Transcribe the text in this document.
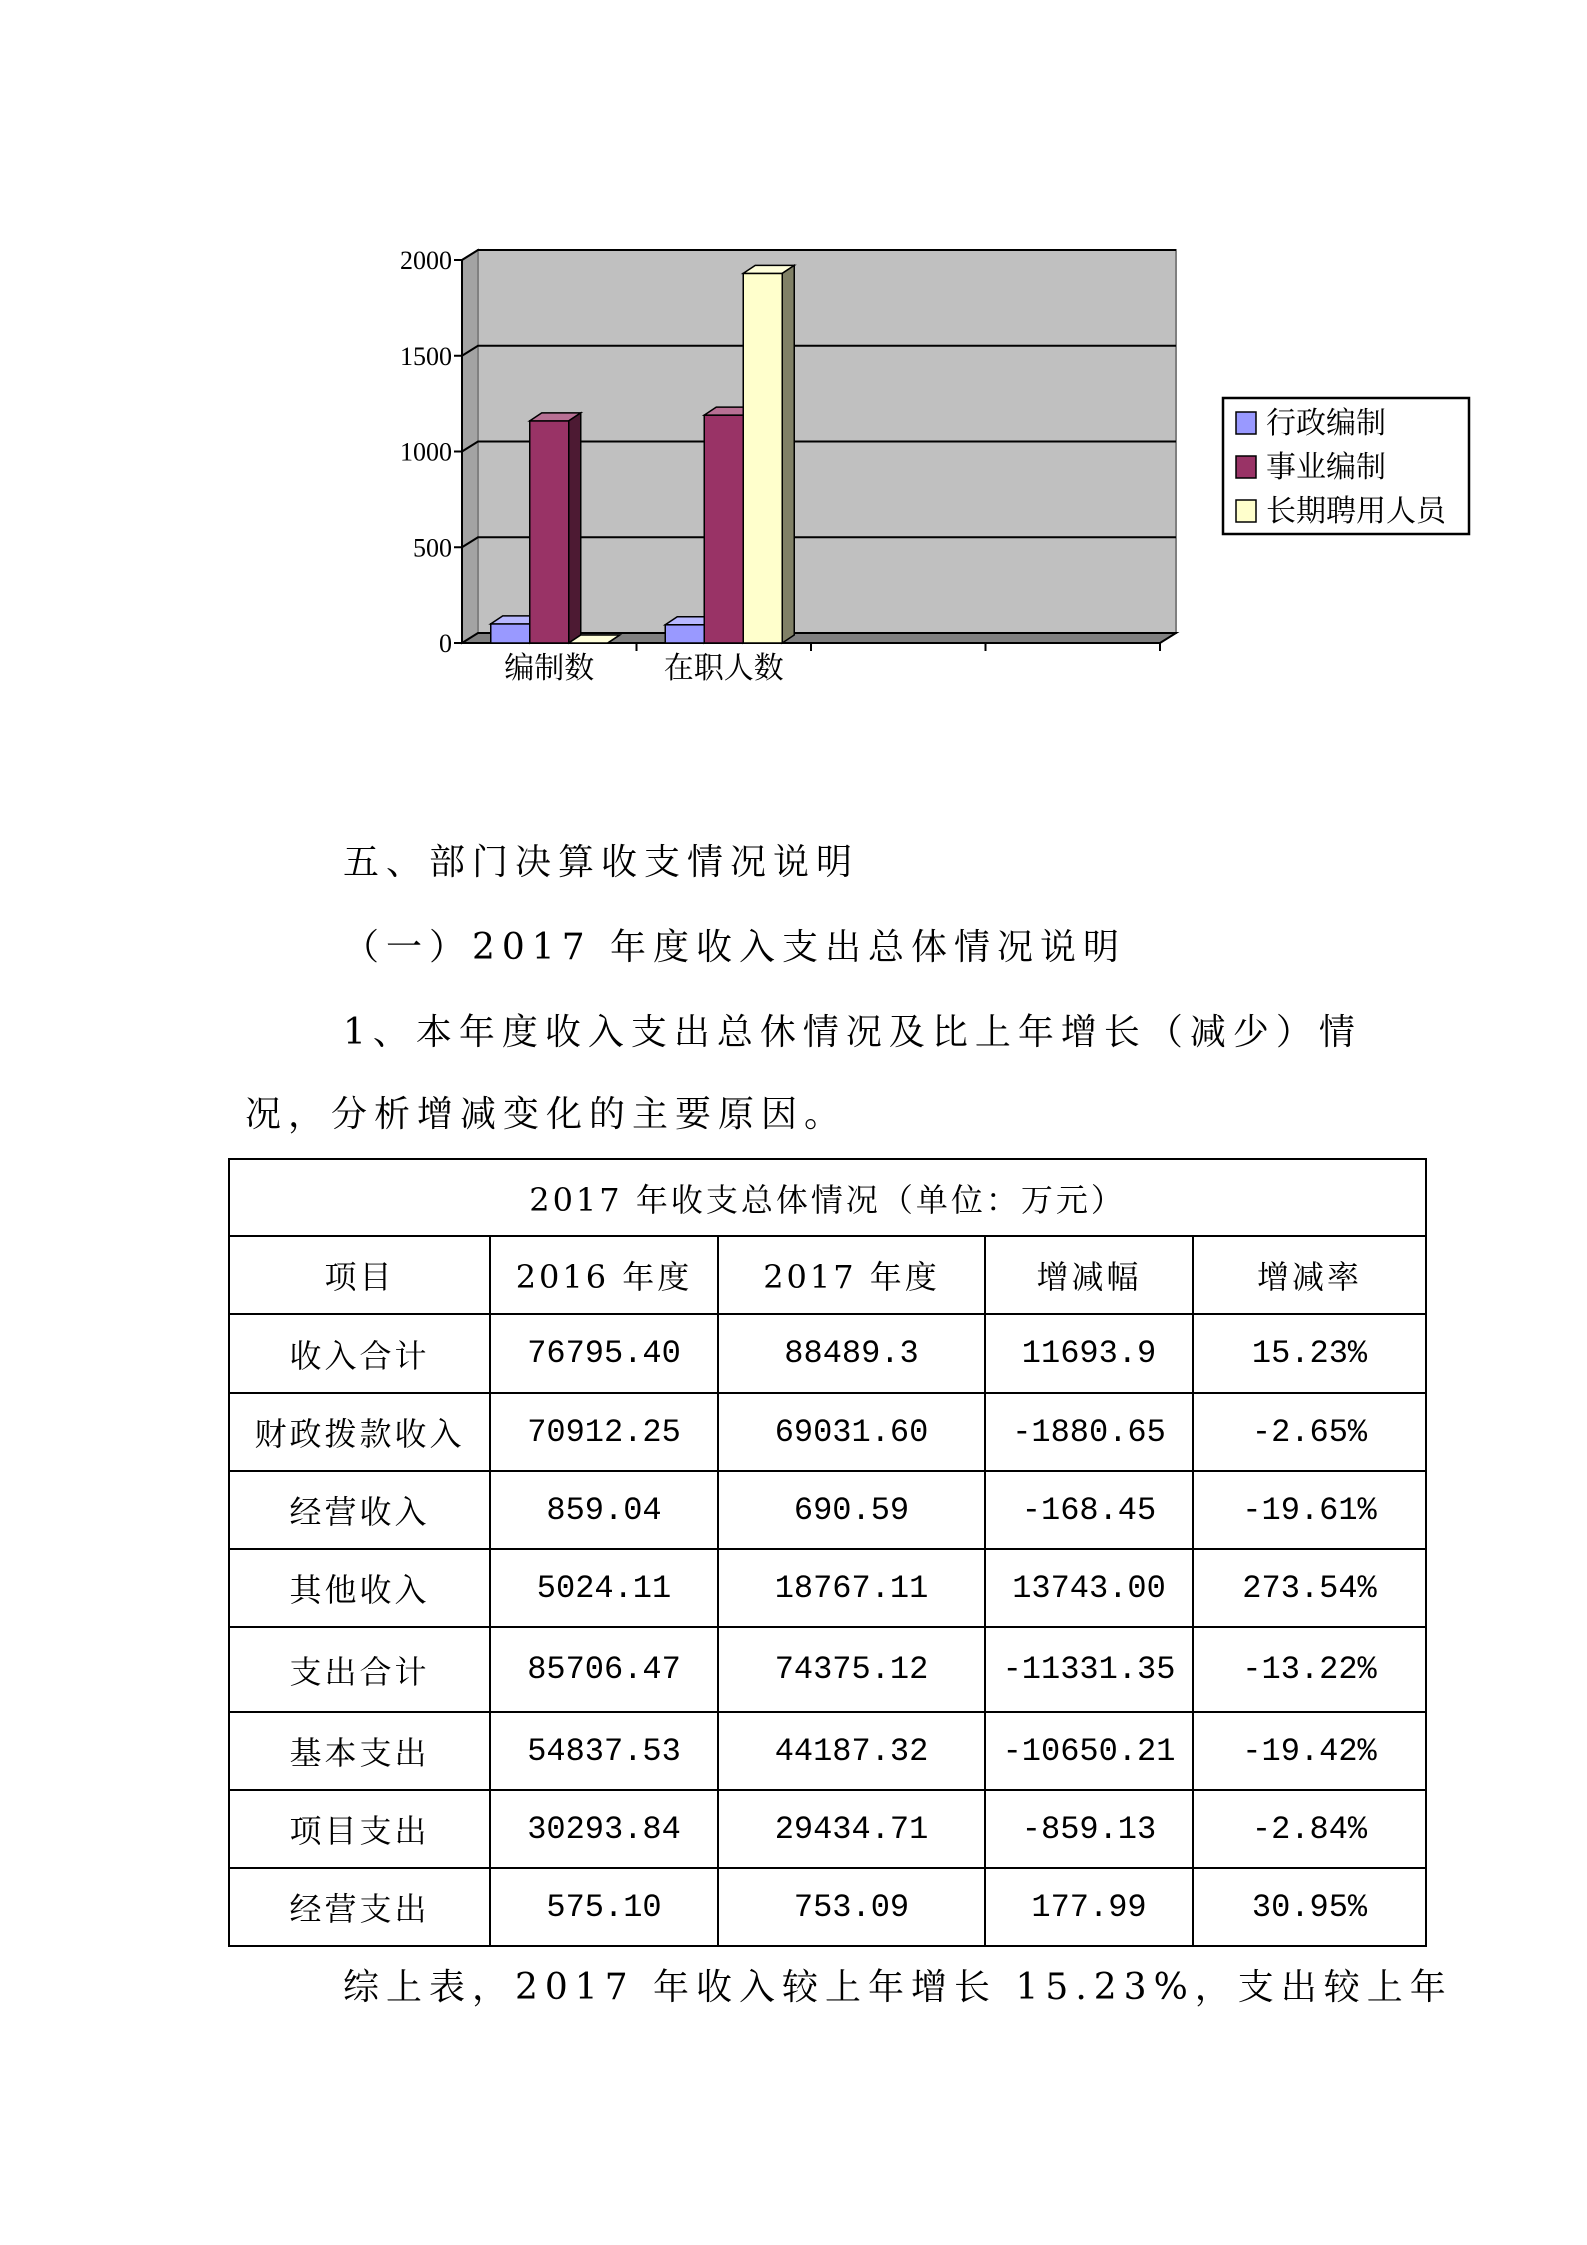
0
500
1000
1500
2000
编制数 在职人数
行政编制
事业编制
长期聘用人员
五、部门决算收支情况说明
（一）2017 年度收入支出总体情况说明
1、本年度收入支出总休情况及比上年增长（减少）情
况，分析增减变化的主要原因。
2017 年收支总体情况（单位：万元）				
项目	2016 年度	2017 年度	增减幅	增减率
收入合计	76795.40	88489.3	11693.9	15.23%
财政拨款收入	70912.25	69031.60	-1880.65	-2.65%
经营收入	859.04	690.59	-168.45	-19.61%
其他收入	5024.11	18767.11	13743.00	273.54%
支出合计	85706.47	74375.12	-11331.35	-13.22%
基本支出	54837.53	44187.32	-10650.21	-19.42%
项目支出	30293.84	29434.71	-859.13	-2.84%
经营支出	575.10	753.09	177.99	30.95%
综上表，2017 年收入较上年增长 15.23%，支出较上年
